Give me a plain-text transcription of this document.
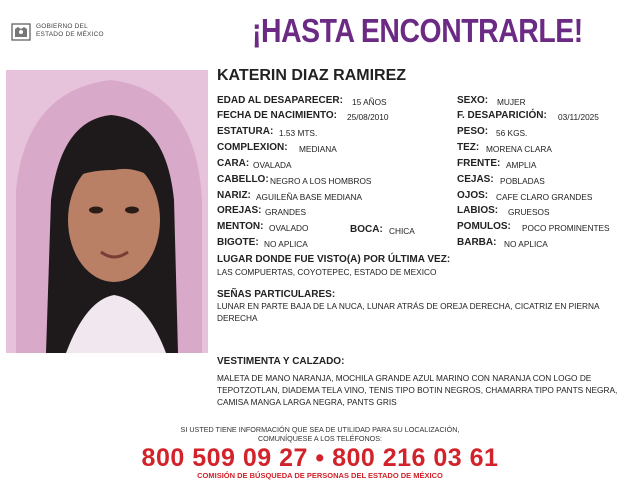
GOBIERNO DEL
ESTADO DE MÉXICO	¡HASTA ENCONTRARLE!
KATERIN DIAZ RAMIREZ
EDAD AL DESAPARECER: 15 AÑOS
FECHA DE NACIMIENTO: 25/08/2010
ESTATURA: 1.53 MTS.
COMPLEXION: MEDIANA
CARA: OVALADA
CABELLO: NEGRO A LOS HOMBROS
NARIZ: AGUILEÑA BASE MEDIANA
OREJAS: GRANDES
MENTON: OVALADO	BOCA: CHICA
BIGOTE: NO APLICA
SEXO: MUJER
F. DESAPARICIÓN: 03/11/2025
PESO: 56 KGS.
TEZ: MORENA CLARA
FRENTE: AMPLIA
CEJAS: POBLADAS
OJOS: CAFE CLARO GRANDES
LABIOS: GRUESOS
POMULOS: POCO PROMINENTES
BARBA: NO APLICA
LUGAR DONDE FUE VISTO(A) POR ÚLTIMA VEZ:
LAS COMPUERTAS, COYOTEPEC, ESTADO DE MEXICO
SEÑAS PARTICULARES:
LUNAR EN PARTE BAJA DE LA NUCA, LUNAR ATRÁS DE OREJA DERECHA, CICATRIZ EN PIERNA DERECHA
VESTIMENTA Y CALZADO:
MALETA DE MANO NARANJA, MOCHILA GRANDE AZUL MARINO CON NARANJA CON LOGO DE TEPOTZOTLAN, DIADEMA TELA VINO, TENIS TIPO BOTIN NEGROS, CHAMARRA TIPO PANTS NEGRA, CAMISA MANGA LARGA NEGRA, PANTS GRIS
SI USTED TIENE INFORMACIÓN QUE SEA DE UTILIDAD PARA SU LOCALIZACIÓN,
COMUNÍQUESE A LOS TELÉFONOS:
800 509 09 27 • 800 216 03 61
COMISIÓN DE BÚSQUEDA DE PERSONAS DEL ESTADO DE MÉXICO
